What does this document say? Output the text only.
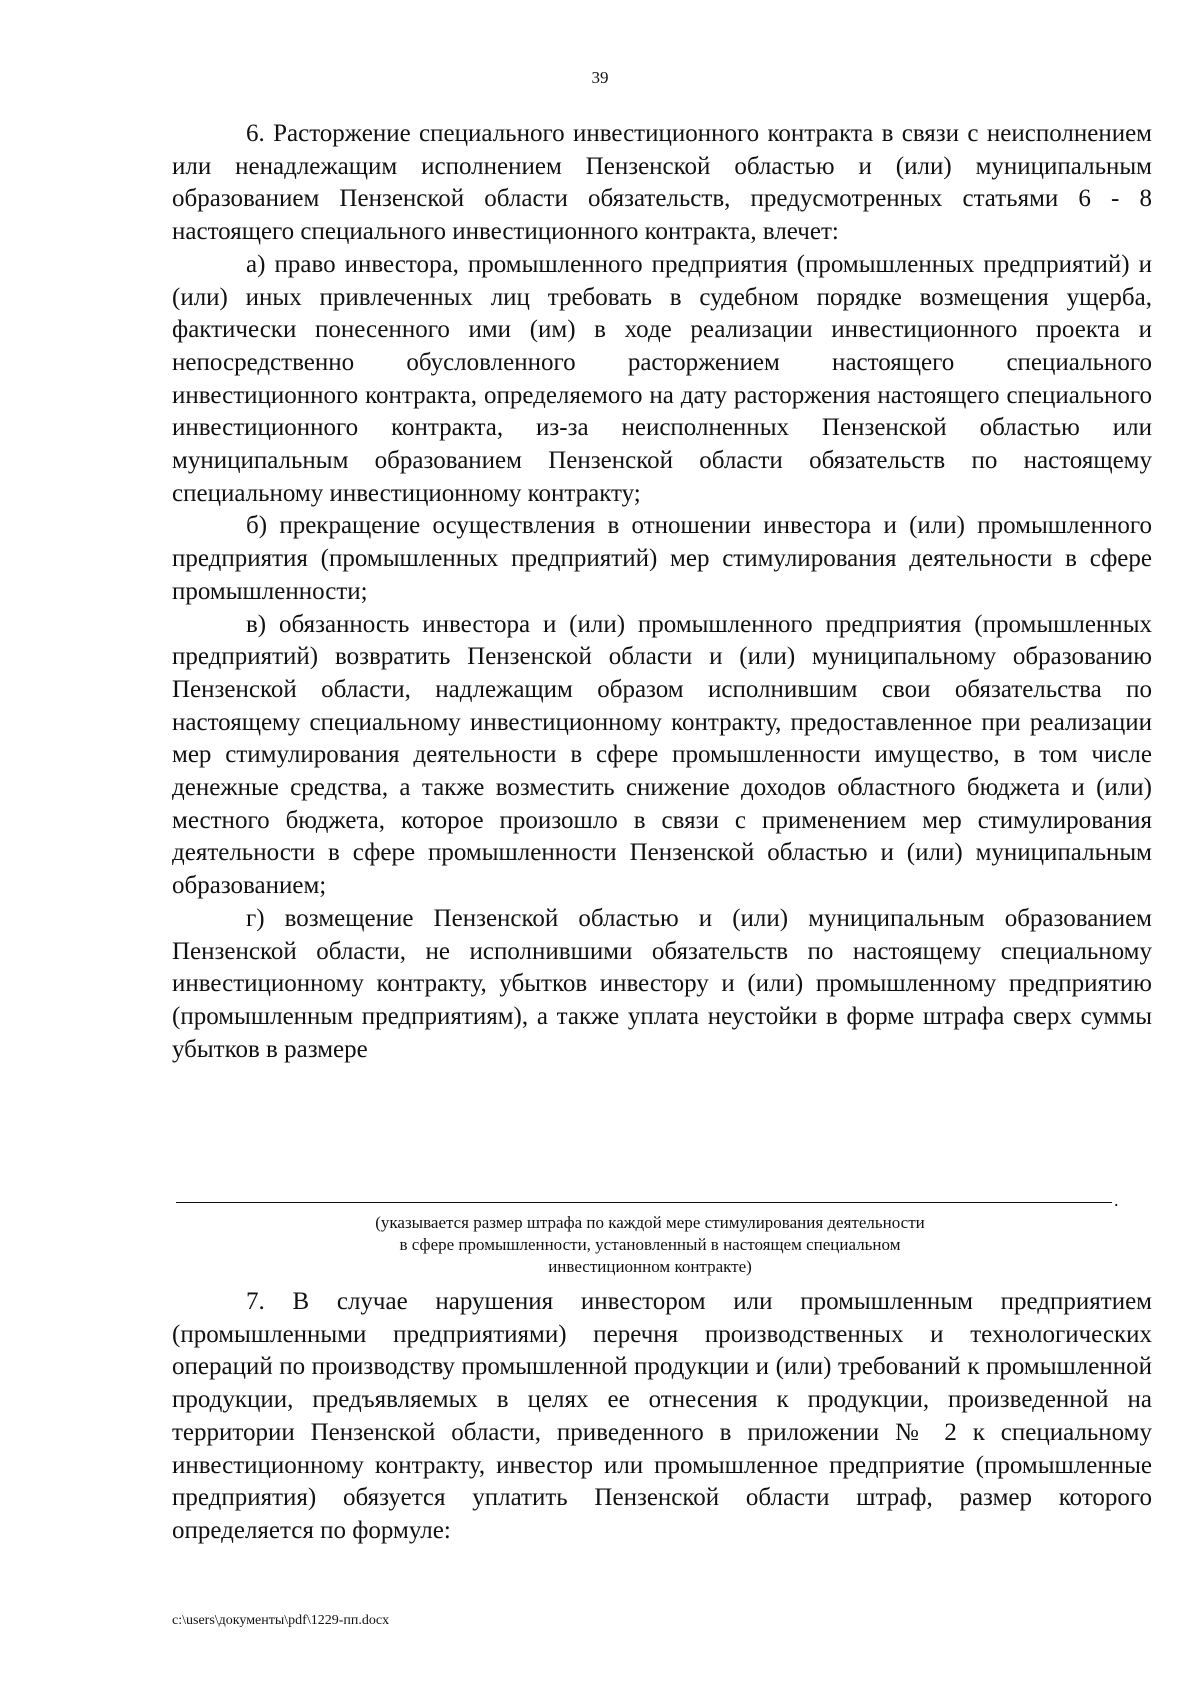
39

6. Расторжение специального инвестиционного контракта в связи с неисполнением или ненадлежащим исполнением Пензенской областью и (или) муниципальным образованием Пензенской области обязательств, предусмотренных статьями 6 - 8 настоящего специального инвестиционного контракта, влечет:

а) право инвестора, промышленного предприятия (промышленных предприятий) и (или) иных привлеченных лиц требовать в судебном порядке возмещения ущерба, фактически понесенного ими (им) в ходе реализации инвестиционного проекта и непосредственно обусловленного расторжением настоящего специального инвестиционного контракта, определяемого на дату расторжения настоящего специального инвестиционного контракта, из-за неисполненных Пензенской областью или муниципальным образованием Пензенской области обязательств по настоящему специальному инвестиционному контракту;

б) прекращение осуществления в отношении инвестора и (или) промышленного предприятия (промышленных предприятий) мер стимулирования деятельности в сфере промышленности;

в) обязанность инвестора и (или) промышленного предприятия (промышленных предприятий) возвратить Пензенской области и (или) муниципальному образованию Пензенской области, надлежащим образом исполнившим свои обязательства по настоящему специальному инвестиционному контракту, предоставленное при реализации мер стимулирования деятельности в сфере промышленности имущество, в том числе денежные средства, а также возместить снижение доходов областного бюджета и (или) местного бюджета, которое произошло в связи с применением мер стимулирования деятельности в сфере промышленности Пензенской областью и (или) муниципальным образованием;

г) возмещение Пензенской областью и (или) муниципальным образованием Пензенской области, не исполнившими обязательств по настоящему специальному инвестиционному контракту, убытков инвестору и (или) промышленному предприятию (промышленным предприятиям), а также уплата неустойки в форме штрафа сверх суммы убытков в размере

.
(указывается размер штрафа по каждой мере стимулирования деятельности
в сфере промышленности, установленный в настоящем специальном
инвестиционном контракте)

7. В случае нарушения инвестором или промышленным предприятием (промышленными предприятиями) перечня производственных и технологических операций по производству промышленной продукции и (или) требований к промышленной продукции, предъявляемых в целях ее отнесения к продукции, произведенной на территории Пензенской области, приведенного в приложении № 2 к специальному инвестиционному контракту, инвестор или промышленное предприятие (промышленные предприятия) обязуется уплатить Пензенской области штраф, размер которого определяется по формуле:

c:\users\документы\pdf\1229-пп.docx
